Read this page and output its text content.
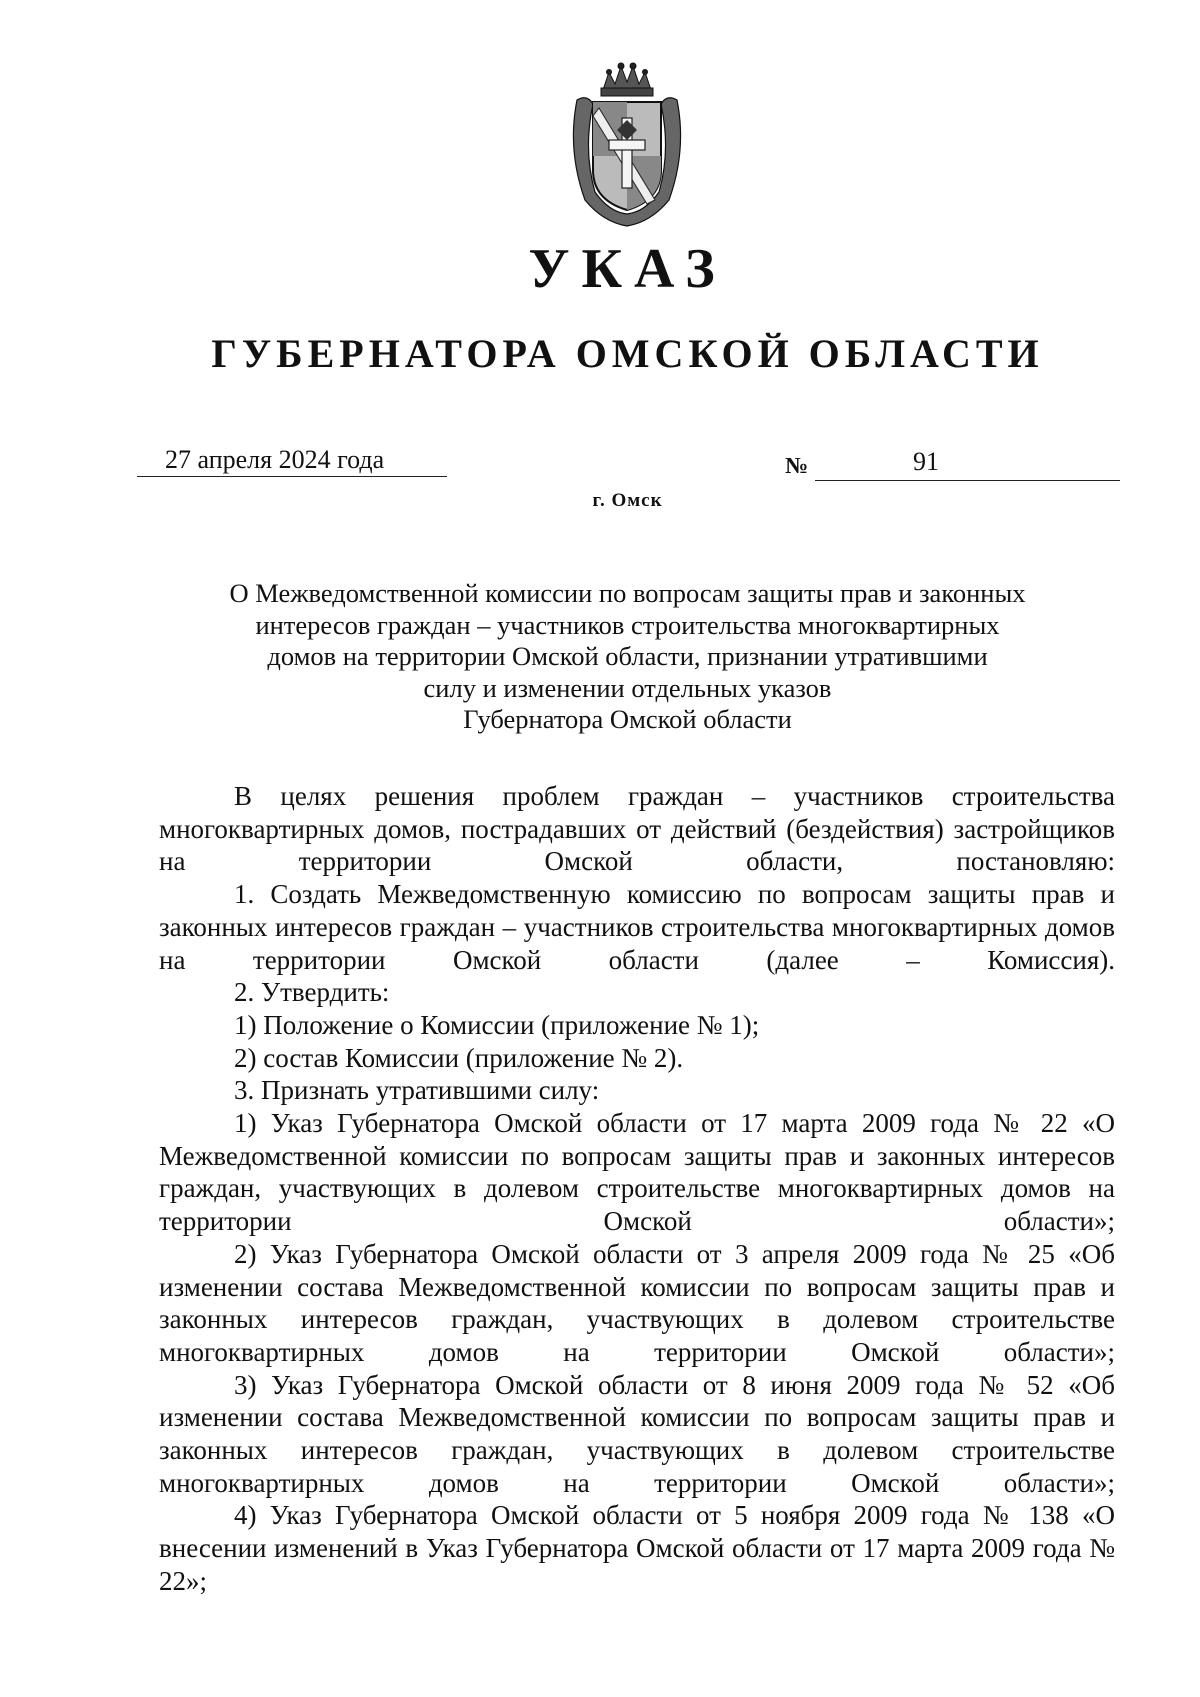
УКАЗ
ГУБЕРНАТОРА ОМСКОЙ ОБЛАСТИ
27 апреля 2024 года	№	91
г. Омск
О Межведомственной комиссии по вопросам защиты прав и законных
интересов граждан – участников строительства многоквартирных
домов на территории Омской области, признании утратившими
силу и изменении отдельных указов
Губернатора Омской области

В целях решения проблем граждан – участников строительства многоквартирных домов, пострадавших от действий (бездействия) застройщиков на территории Омской области, постановляю:

1. Создать Межведомственную комиссию по вопросам защиты прав и законных интересов граждан – участников строительства многоквартирных домов на территории Омской области (далее – Комиссия).

2. Утвердить:

1) Положение о Комиссии (приложение № 1);

2) состав Комиссии (приложение № 2).

3. Признать утратившими силу:

1) Указ Губернатора Омской области от 17 марта 2009 года № 22 «О Межведомственной комиссии по вопросам защиты прав и законных интересов граждан, участвующих в долевом строительстве многоквартирных домов на территории Омской области»;

2) Указ Губернатора Омской области от 3 апреля 2009 года № 25 «Об изменении состава Межведомственной комиссии по вопросам защиты прав и законных интересов граждан, участвующих в долевом строительстве многоквартирных домов на территории Омской области»;

3) Указ Губернатора Омской области от 8 июня 2009 года № 52 «Об изменении состава Межведомственной комиссии по вопросам защиты прав и законных интересов граждан, участвующих в долевом строительстве многоквартирных домов на территории Омской области»;

4) Указ Губернатора Омской области от 5 ноября 2009 года № 138 «О внесении изменений в Указ Губернатора Омской области от 17 марта 2009 года № 22»;
